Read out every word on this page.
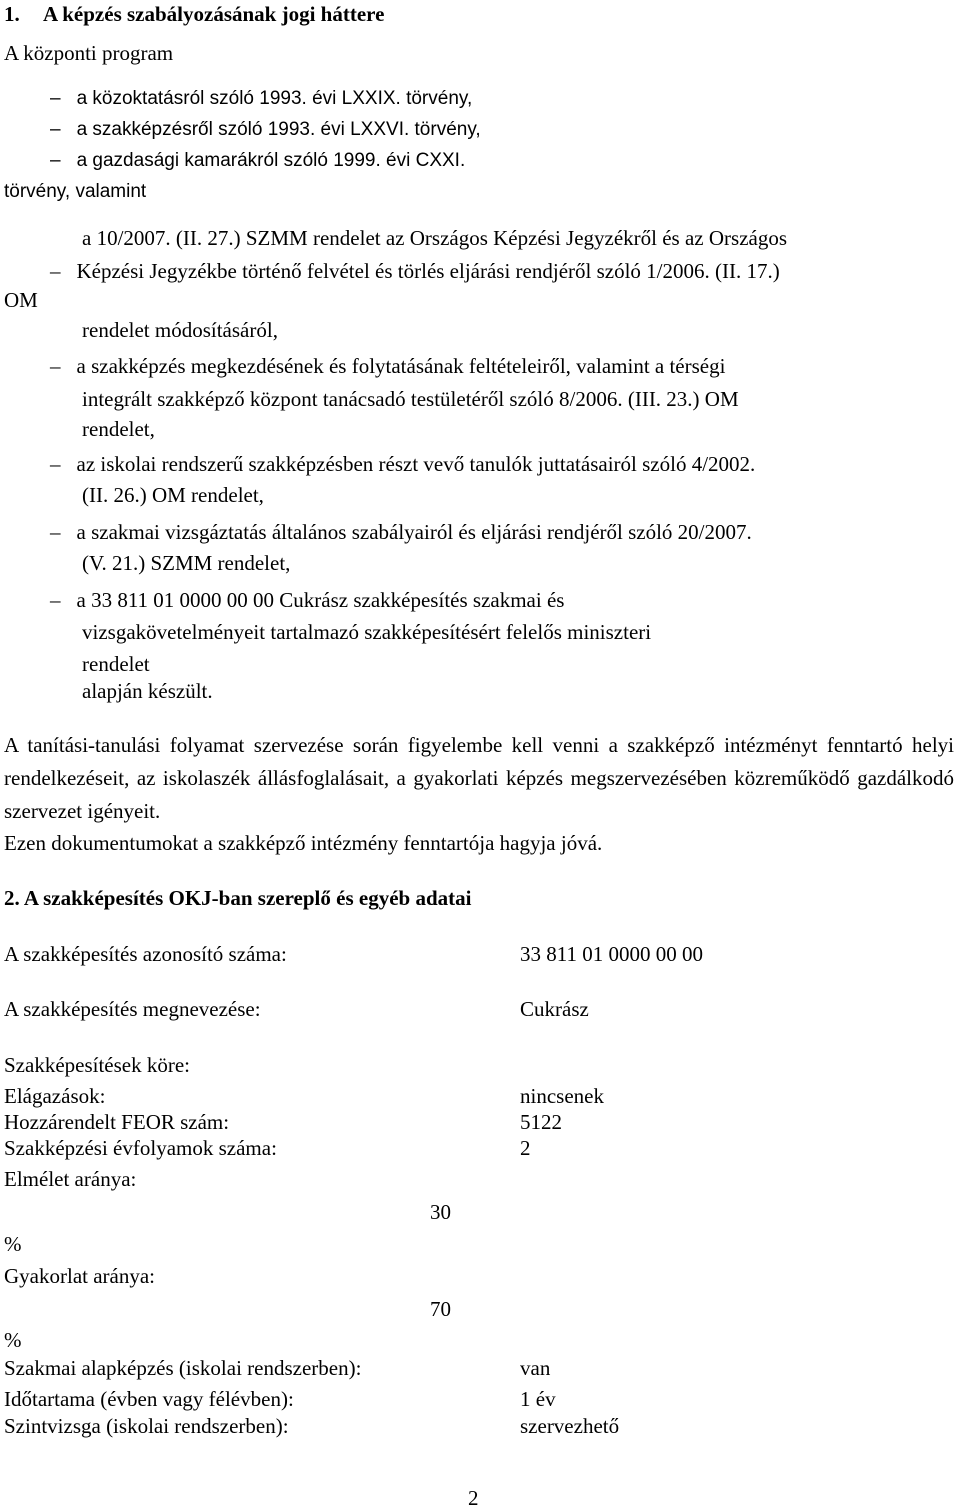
1. A képzés szabályozásának jogi háttere
A központi program
– a közoktatásról szóló 1993. évi LXXIX. törvény,
– a szakképzésről szóló 1993. évi LXXVI. törvény,
– a gazdasági kamarákról szóló 1999. évi CXXI.
törvény, valamint
a 10/2007. (II. 27.) SZMM rendelet az Országos Képzési Jegyzékről és az Országos
– Képzési Jegyzékbe történő felvétel és törlés eljárási rendjéről szóló 1/2006. (II. 17.)
OM
rendelet módosításáról,
– a szakképzés megkezdésének és folytatásának feltételeiről, valamint a térségi
integrált szakképző központ tanácsadó testületéről szóló 8/2006. (III. 23.) OM
rendelet,
– az iskolai rendszerű szakképzésben részt vevő tanulók juttatásairól szóló 4/2002.
(II. 26.) OM rendelet,
– a szakmai vizsgáztatás általános szabályairól és eljárási rendjéről szóló 20/2007.
(V. 21.) SZMM rendelet,
– a 33 811 01 0000 00 00 Cukrász szakképesítés szakmai és
vizsgakövetelményeit tartalmazó szakképesítésért felelős miniszteri
rendelet
alapján készült.
A tanítási-tanulási folyamat szervezése során figyelembe kell venni a szakképző intézményt fenntartó helyi rendelkezéseit, az iskolaszék állásfoglalásait, a gyakorlati képzés megszervezésében közreműködő gazdálkodó szervezet igényeit.
Ezen dokumentumokat a szakképző intézmény fenntartója hagyja jóvá.
2. A szakképesítés OKJ-ban szereplő és egyéb adatai
A szakképesítés azonosító száma:	33 811 01 0000 00 00
A szakképesítés megnevezése:	Cukrász
Szakképesítések köre:
Elágazások:	nincsenek
Hozzárendelt FEOR szám:	5122
Szakképzési évfolyamok száma:	2
Elmélet aránya:
30
%
Gyakorlat aránya:
70
%
Szakmai alapképzés (iskolai rendszerben):	van
Időtartama (évben vagy félévben):	1 év
Szintvizsga (iskolai rendszerben):	szervezhető
2
